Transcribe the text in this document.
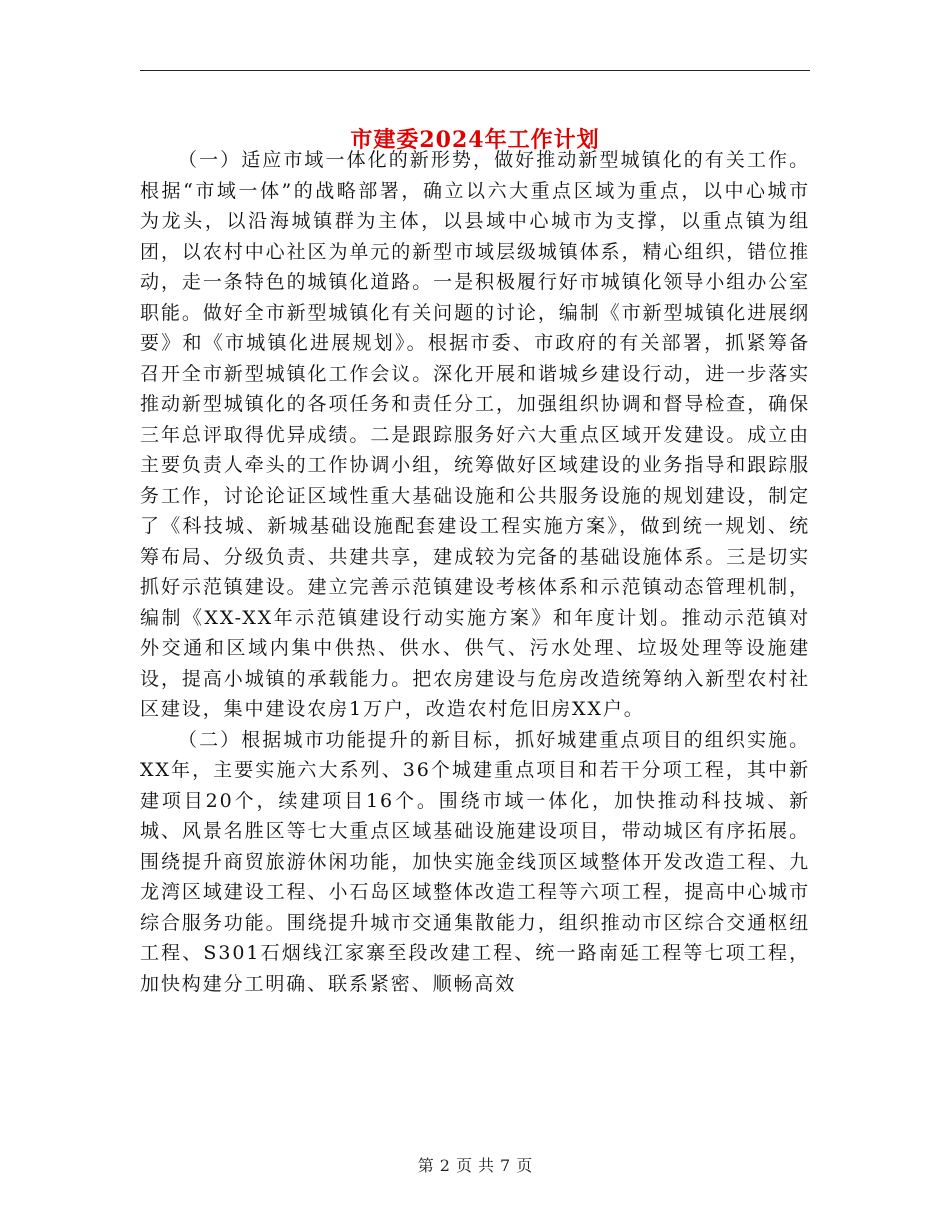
市建委2024年工作计划

（一）适应市域一体化的新形势，做好推动新型城镇化的有关工作。根据“市域一体”的战略部署，确立以六大重点区域为重点，以中心城市为龙头，以沿海城镇群为主体，以县域中心城市为支撑，以重点镇为组团，以农村中心社区为单元的新型市域层级城镇体系，精心组织，错位推动，走一条特色的城镇化道路。一是积极履行好市城镇化领导小组办公室职能。做好全市新型城镇化有关问题的讨论，编制《市新型城镇化进展纲要》和《市城镇化进展规划》。根据市委、市政府的有关部署，抓紧筹备召开全市新型城镇化工作会议。深化开展和谐城乡建设行动，进一步落实推动新型城镇化的各项任务和责任分工，加强组织协调和督导检查，确保三年总评取得优异成绩。二是跟踪服务好六大重点区域开发建设。成立由主要负责人牵头的工作协调小组，统筹做好区域建设的业务指导和跟踪服务工作，讨论论证区域性重大基础设施和公共服务设施的规划建设，制定了《科技城、新城基础设施配套建设工程实施方案》，做到统一规划、统筹布局、分级负责、共建共享，建成较为完备的基础设施体系。三是切实抓好示范镇建设。建立完善示范镇建设考核体系和示范镇动态管理机制，编制《XX-XX年示范镇建设行动实施方案》和年度计划。推动示范镇对外交通和区域内集中供热、供水、供气、污水处理、垃圾处理等设施建设，提高小城镇的承载能力。把农房建设与危房改造统筹纳入新型农村社区建设，集中建设农房1万户，改造农村危旧房XX户。

（二）根据城市功能提升的新目标，抓好城建重点项目的组织实施。XX年，主要实施六大系列、36个城建重点项目和若干分项工程，其中新建项目20个，续建项目16个。围绕市域一体化，加快推动科技城、新城、风景名胜区等七大重点区域基础设施建设项目，带动城区有序拓展。围绕提升商贸旅游休闲功能，加快实施金线顶区域整体开发改造工程、九龙湾区域建设工程、小石岛区域整体改造工程等六项工程，提高中心城市综合服务功能。围绕提升城市交通集散能力，组织推动市区综合交通枢纽工程、S301石烟线江家寨至段改建工程、统一路南延工程等七项工程，加快构建分工明确、联系紧密、顺畅高效

第 2 页 共 7 页
